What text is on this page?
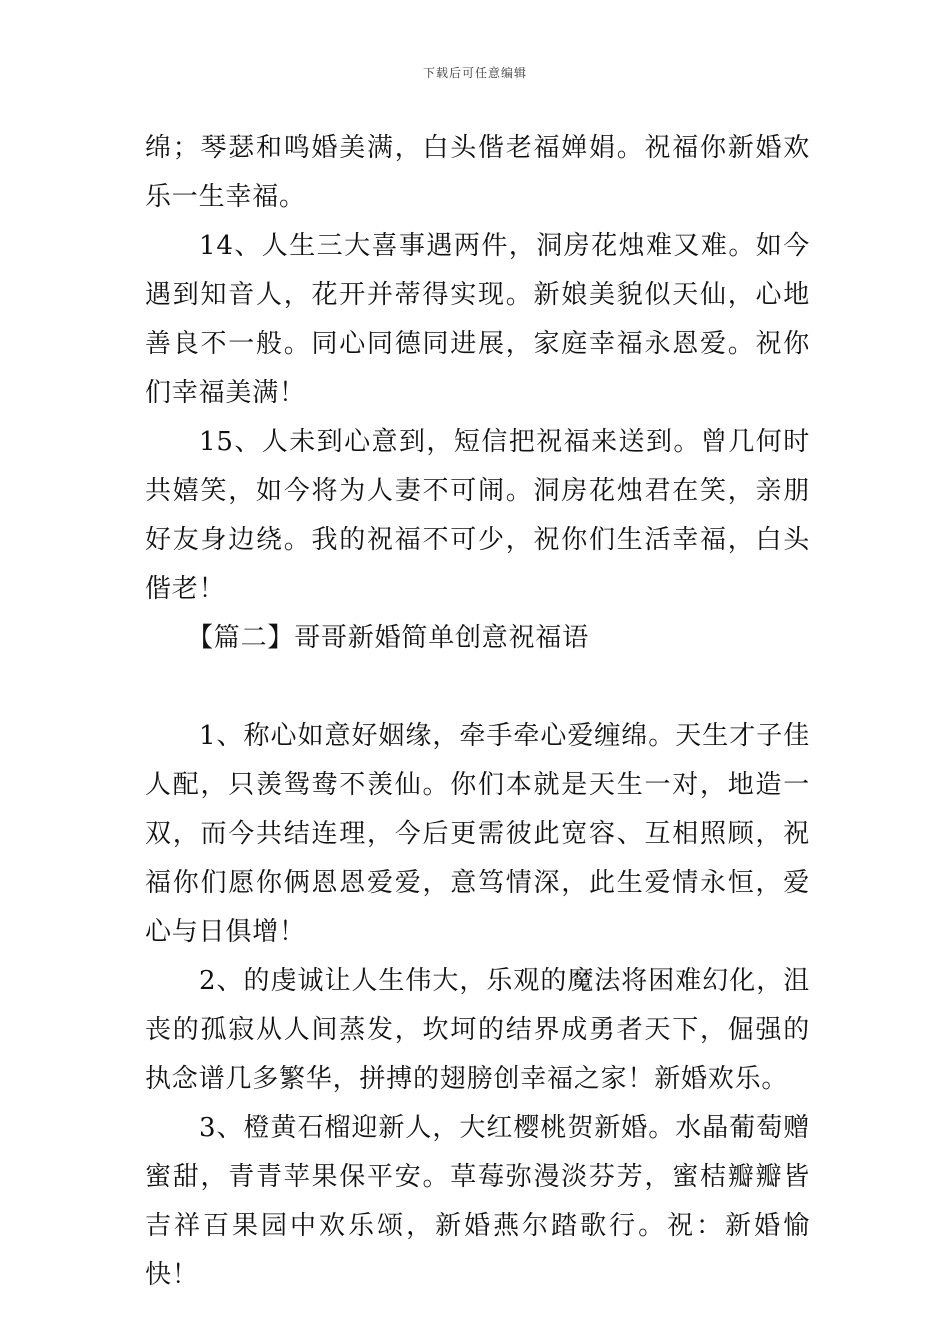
下载后可任意编辑

绵；琴瑟和鸣婚美满，白头偕老福婵娟。祝福你新婚欢乐一生幸福。

14、人生三大喜事遇两件，洞房花烛难又难。如今遇到知音人，花开并蒂得实现。新娘美貌似天仙，心地善良不一般。同心同德同进展，家庭幸福永恩爱。祝你们幸福美满！

15、人未到心意到，短信把祝福来送到。曾几何时共嬉笑，如今将为人妻不可闹。洞房花烛君在笑，亲朋好友身边绕。我的祝福不可少，祝你们生活幸福，白头偕老！

【篇二】哥哥新婚简单创意祝福语

1、称心如意好姻缘，牵手牵心爱缠绵。天生才子佳人配，只羡鸳鸯不羡仙。你们本就是天生一对，地造一双，而今共结连理，今后更需彼此宽容、互相照顾，祝福你们愿你俩恩恩爱爱，意笃情深，此生爱情永恒，爱心与日俱增！

2、的虔诚让人生伟大，乐观的魔法将困难幻化，沮丧的孤寂从人间蒸发，坎坷的结界成勇者天下，倔强的执念谱几多繁华，拼搏的翅膀创幸福之家！新婚欢乐。

3、橙黄石榴迎新人，大红樱桃贺新婚。水晶葡萄赠蜜甜，青青苹果保平安。草莓弥漫淡芬芳，蜜桔瓣瓣皆吉祥百果园中欢乐颂，新婚燕尔踏歌行。祝：新婚愉快！
